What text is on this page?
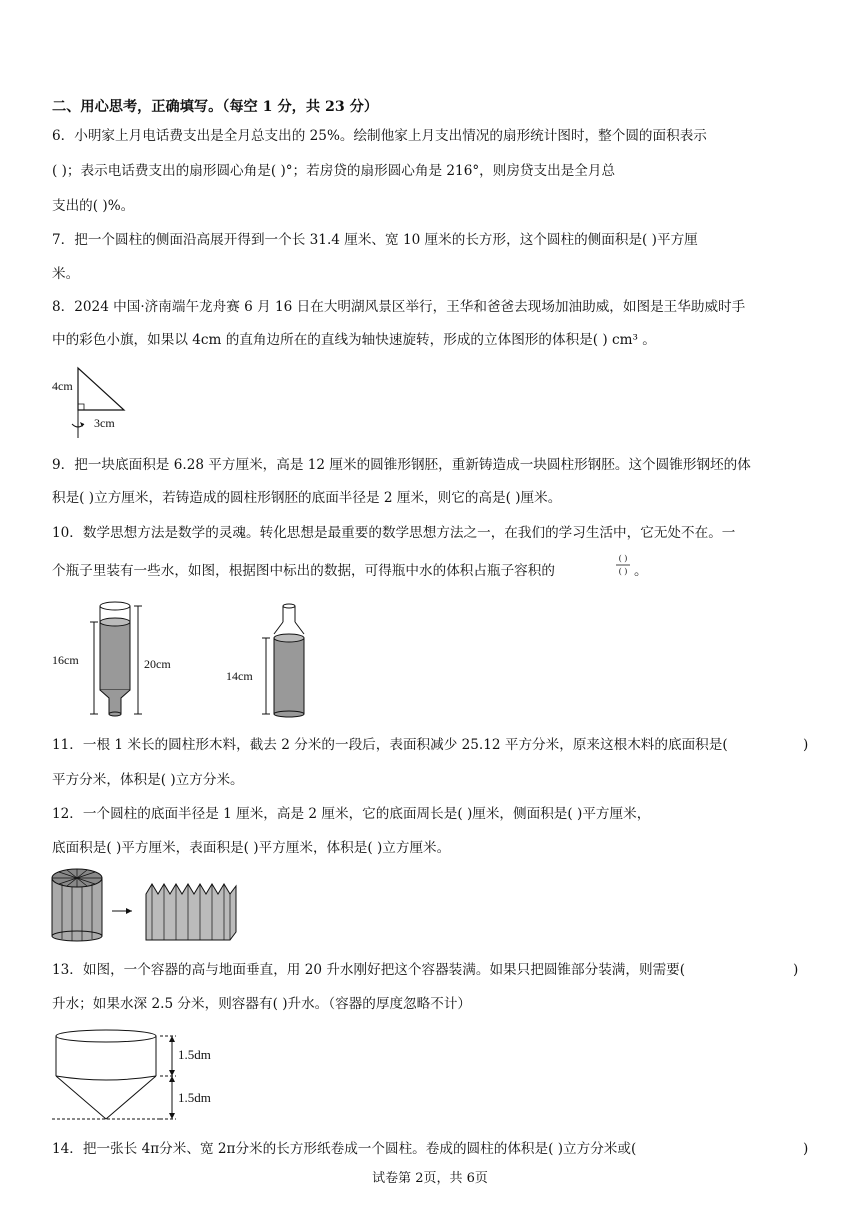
二、用心思考，正确填写。（每空 1 分，共 23 分）
6．小明家上月电话费支出是全月总支出的 25%。绘制他家上月支出情况的扇形统计图时，整个圆的面积表示
( )；表示电话费支出的扇形圆心角是( )°；若房贷的扇形圆心角是 216°，则房贷支出是全月总
支出的( )%。
7．把一个圆柱的侧面沿高展开得到一个长 31.4 厘米、宽 10 厘米的长方形，这个圆柱的侧面积是( )平方厘
米。
8．2024 中国·济南端午龙舟赛 6 月 16 日在大明湖风景区举行，王华和爸爸去现场加油助威，如图是王华助威时手
中的彩色小旗，如果以 4cm 的直角边所在的直线为轴快速旋转，形成的立体图形的体积是( ) cm³ 。
4cm
3cm
9．把一块底面积是 6.28 平方厘米，高是 12 厘米的圆锥形钢胚，重新铸造成一块圆柱形钢胚。这个圆锥形钢坯的体
积是( )立方厘米，若铸造成的圆柱形钢胚的底面半径是 2 厘米，则它的高是( )厘米。
10．数学思想方法是数学的灵魂。转化思想是最重要的数学思想方法之一，在我们的学习生活中，它无处不在。一
个瓶子里装有一些水，如图，根据图中标出的数据，可得瓶中水的体积占瓶子容积的
( )
( ) 。
16cm	20cm
14cm
11．一根 1 米长的圆柱形木料，截去 2 分米的一段后，表面积减少 25.12 平方分米，原来这根木料的底面积是(	)
平方分米，体积是( )立方分米。
12．一个圆柱的底面半径是 1 厘米，高是 2 厘米，它的底面周长是( )厘米，侧面积是( )平方厘米，
底面积是( )平方厘米，表面积是( )平方厘米，体积是( )立方厘米。
13．如图，一个容器的高与地面垂直，用 20 升水刚好把这个容器装满。如果只把圆锥部分装满，则需要(	)
升水；如果水深 2.5 分米，则容器有( )升水。（容器的厚度忽略不计）
1.5dm
1.5dm
14．把一张长 4π分米、宽 2π分米的长方形纸卷成一个圆柱。卷成的圆柱的体积是( )立方分米或(	)
试卷第 2页，共 6页
